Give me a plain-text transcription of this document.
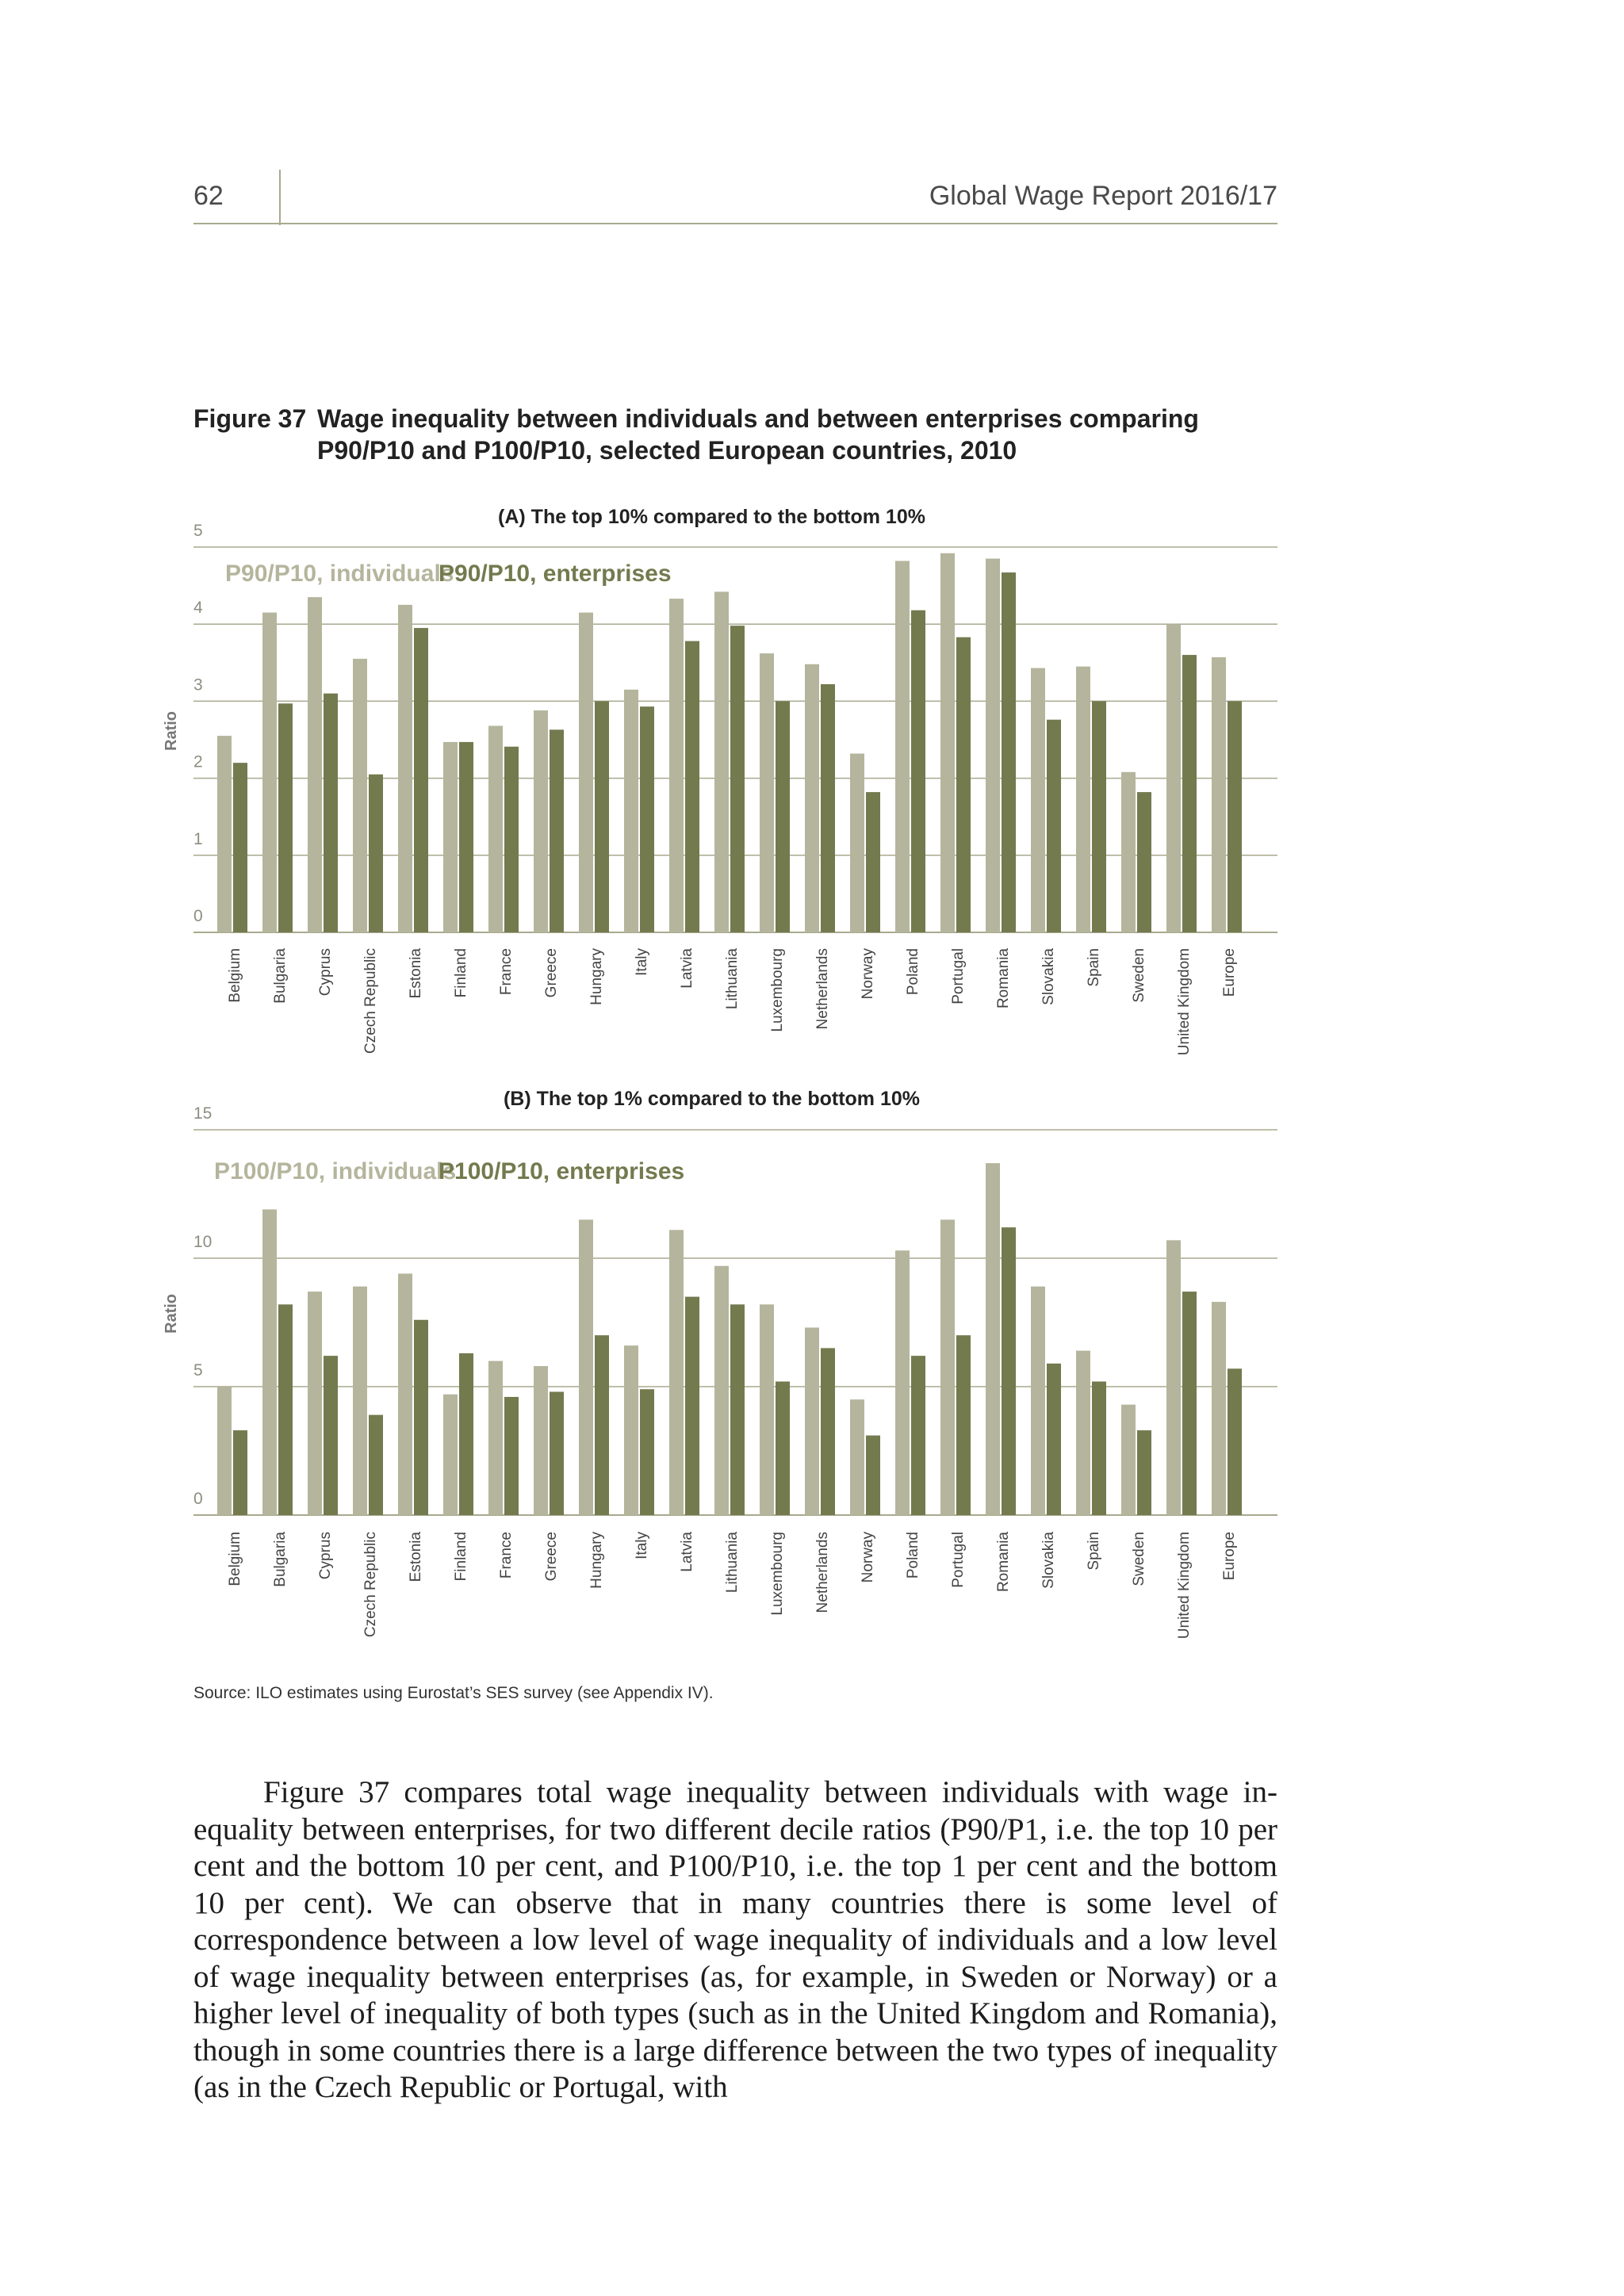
62	Global Wage Report 2016/17
Figure 37 Wage inequality between individuals and between enterprises comparing P90/P10 and P100/P10, selected European countries, 2010
0
1
2
3
4
5
(A) The top 10% compared to the bottom 10%
Ratio
P90/P10, individuals
P90/P10, enterprises
Belgium Bulgaria Cyprus Czech Republic Estonia Finland France Greece Hungary Italy Latvia Lithuania Luxembourg Netherlands Norway Poland Portugal Romania Slovakia Spain Sweden United Kingdom Europe
0
5
10
15
(B) The top 1% compared to the bottom 10%
Ratio
P100/P10, individuals
P100/P10, enterprises
Belgium Bulgaria Cyprus Czech Republic Estonia Finland France Greece Hungary Italy Latvia Lithuania Luxembourg Netherlands Norway Poland Portugal Romania Slovakia Spain Sweden United Kingdom Europe
Source: ILO estimates using Eurostat’s SES survey (see Appendix IV).

Figure 37 compares total wage inequality between individuals with wage inequality between enterprises, for two different decile ratios (P90/P1, i.e. the top 10 per cent and the bottom 10 per cent, and P100/P10, i.e. the top 1 per cent and the bottom 10 per cent). We can observe that in many countries there is some level of correspondence between a low level of wage inequality of individuals and a low level of wage inequality between enterprises (as, for example, in Sweden or Norway) or a higher level of inequality of both types (such as in the United Kingdom and Romania), though in some countries there is a large difference between the two types of inequality (as in the Czech Republic or Portugal, with
